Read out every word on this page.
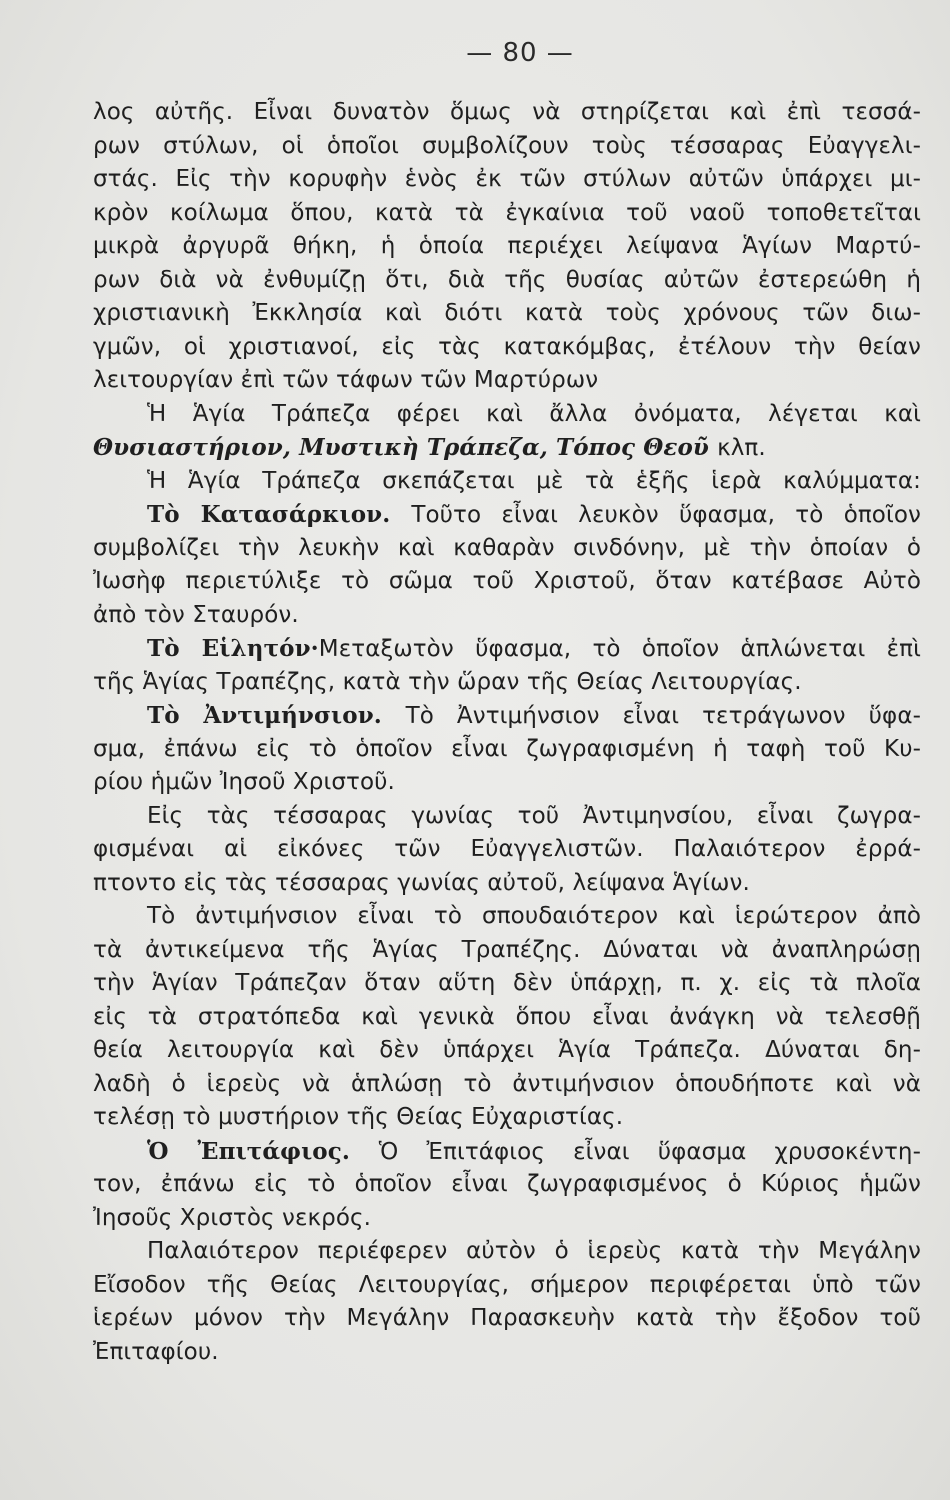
— 80 —
λος αὐτῆς. Εἶναι δυνατὸν ὅμως νὰ στηρίζεται καὶ ἐπὶ τεσσά-
ρων στύλων, οἱ ὁποῖοι συμβολίζουν τοὺς τέσσαρας Εὐαγγελι-
στάς. Εἰς τὴν κορυφὴν ἑνὸς ἐκ τῶν στύλων αὐτῶν ὑπάρχει μι-
κρὸν κοίλωμα ὅπου, κατὰ τὰ ἐγκαίνια τοῦ ναοῦ τοποθετεῖται
μικρὰ ἀργυρᾶ θήκη, ἡ ὁποία περιέχει λείψανα Ἁγίων Μαρτύ-
ρων διὰ νὰ ἐνθυμίζῃ ὅτι, διὰ τῆς θυσίας αὐτῶν ἐστερεώθη ἡ
χριστιανικὴ Ἐκκλησία καὶ διότι κατὰ τοὺς χρόνους τῶν διω-
γμῶν, οἱ χριστιανοί, εἰς τὰς κατακόμβας, ἐτέλουν τὴν θείαν
λειτουργίαν ἐπὶ τῶν τάφων τῶν Μαρτύρων
Ἡ Ἁγία Τράπεζα φέρει καὶ ἄλλα ὀνόματα, λέγεται καὶ
Θυσιαστήριον, Μυστικὴ Τράπεζα, Τόπος Θεοῦ κλπ.
Ἡ Ἁγία Τράπεζα σκεπάζεται μὲ τὰ ἑξῆς ἱερὰ καλύμματα:
Τὸ Κατασάρκιον. Τοῦτο εἶναι λευκὸν ὕφασμα, τὸ ὁποῖον
συμβολίζει τὴν λευκὴν καὶ καθαρὰν σινδόνην, μὲ τὴν ὁποίαν ὁ
Ἰωσὴφ περιετύλιξε τὸ σῶμα τοῦ Χριστοῦ, ὅταν κατέβασε Αὐτὸ
ἀπὸ τὸν Σταυρόν.
Τὸ Εἱλητόν·Μεταξωτὸν ὕφασμα, τὸ ὁποῖον ἁπλώνεται ἐπὶ
τῆς Ἁγίας Τραπέζης, κατὰ τὴν ὥραν τῆς Θείας Λειτουργίας.
Τὸ Ἀντιμήνσιον. Τὸ Ἀντιμήνσιον εἶναι τετράγωνον ὕφα-
σμα, ἐπάνω εἰς τὸ ὁποῖον εἶναι ζωγραφισμένη ἡ ταφὴ τοῦ Κυ-
ρίου ἡμῶν Ἰησοῦ Χριστοῦ.
Εἰς τὰς τέσσαρας γωνίας τοῦ Ἀντιμηνσίου, εἶναι ζωγρα-
φισμέναι αἱ εἰκόνες τῶν Εὐαγγελιστῶν. Παλαιότερον ἐρρά-
πτοντο εἰς τὰς τέσσαρας γωνίας αὐτοῦ, λείψανα Ἁγίων.
Τὸ ἀντιμήνσιον εἶναι τὸ σπουδαιότερον καὶ ἱερώτερον ἀπὸ
τὰ ἀντικείμενα τῆς Ἁγίας Τραπέζης. Δύναται νὰ ἀναπληρώσῃ
τὴν Ἁγίαν Τράπεζαν ὅταν αὕτη δὲν ὑπάρχῃ, π. χ. εἰς τὰ πλοῖα
εἰς τὰ στρατόπεδα καὶ γενικὰ ὅπου εἶναι ἀνάγκη νὰ τελεσθῇ
θεία λειτουργία καὶ δὲν ὑπάρχει Ἁγία Τράπεζα. Δύναται δη-
λαδὴ ὁ ἱερεὺς νὰ ἁπλώσῃ τὸ ἀντιμήνσιον ὁπουδήποτε καὶ νὰ
τελέσῃ τὸ μυστήριον τῆς Θείας Εὐχαριστίας.
Ὁ Ἐπιτάφιος. Ὁ Ἐπιτάφιος εἶναι ὕφασμα χρυσοκέντη-
τον, ἐπάνω εἰς τὸ ὁποῖον εἶναι ζωγραφισμένος ὁ Κύριος ἡμῶν
Ἰησοῦς Χριστὸς νεκρός.
Παλαιότερον περιέφερεν αὐτὸν ὁ ἱερεὺς κατὰ τὴν Μεγάλην
Εἴσοδον τῆς Θείας Λειτουργίας, σήμερον περιφέρεται ὑπὸ τῶν
ἱερέων μόνον τὴν Μεγάλην Παρασκευὴν κατὰ τὴν ἔξοδον τοῦ
Ἐπιταφίου.
